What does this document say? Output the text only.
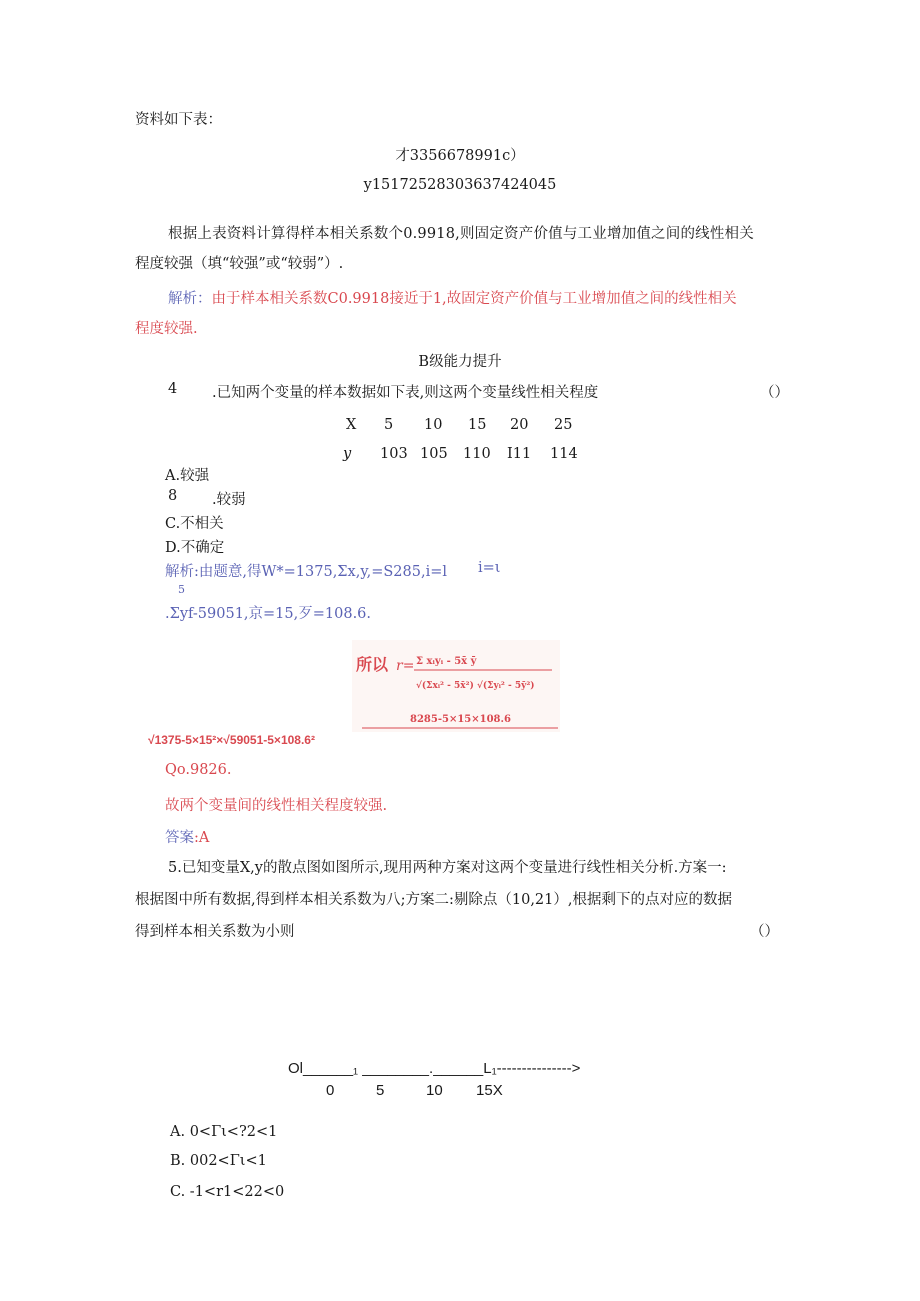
资料如下表：
才3356678991c）
y1517252830363742404​5
根据上表资料计算得样本相关系数个0.9918,则固定资产价值与工业增加值之间的线性相关
程度较强（填“较强”或“较弱”）.
解析：由于样本相关系数C0.9918接近于1,故固定资产价值与工业增加值之间的线性相关
程度较强.
B级能力提升
4 .已知两个变量的样本数据如下表,则这两个变量线性相关程度	（）
X 5 10 15 20 25
y 103 105 110 I11 114
A.较强
8 .较弱
C.不相关
D.不确定
解析:由题意,得W*=1375,Σx,y,=S285,i=l i=ι
5
.Σyf-59051,京=15,歹=108.6.
所以 r= Σ xᵢyᵢ - 5x̄ ȳ
√(Σxᵢ² - 5x̄²) √(Σyᵢ² - 5ȳ²)
8285-5×15×108.6
√1375-5×15²×√59051-5×108.6²
Qo.9826.
故两个变量间的线性相关程度较强.
答案:A
5.已知变量X,y的散点图如图所示,现用两种方案对这两个变量进行线性相关分析.方案一:
根据图中所有数据,得到样本相关系数为八;方案二:剔除点（10,21）,根据剩下的点对应的数据
得到样本相关系数为小则	（）
Ol______₁ ________.______L₁--------------->
0          5          10        15X
A. 0<Γι<?2<1
B. 002<Γι<1
C. -1<r1<22<0
